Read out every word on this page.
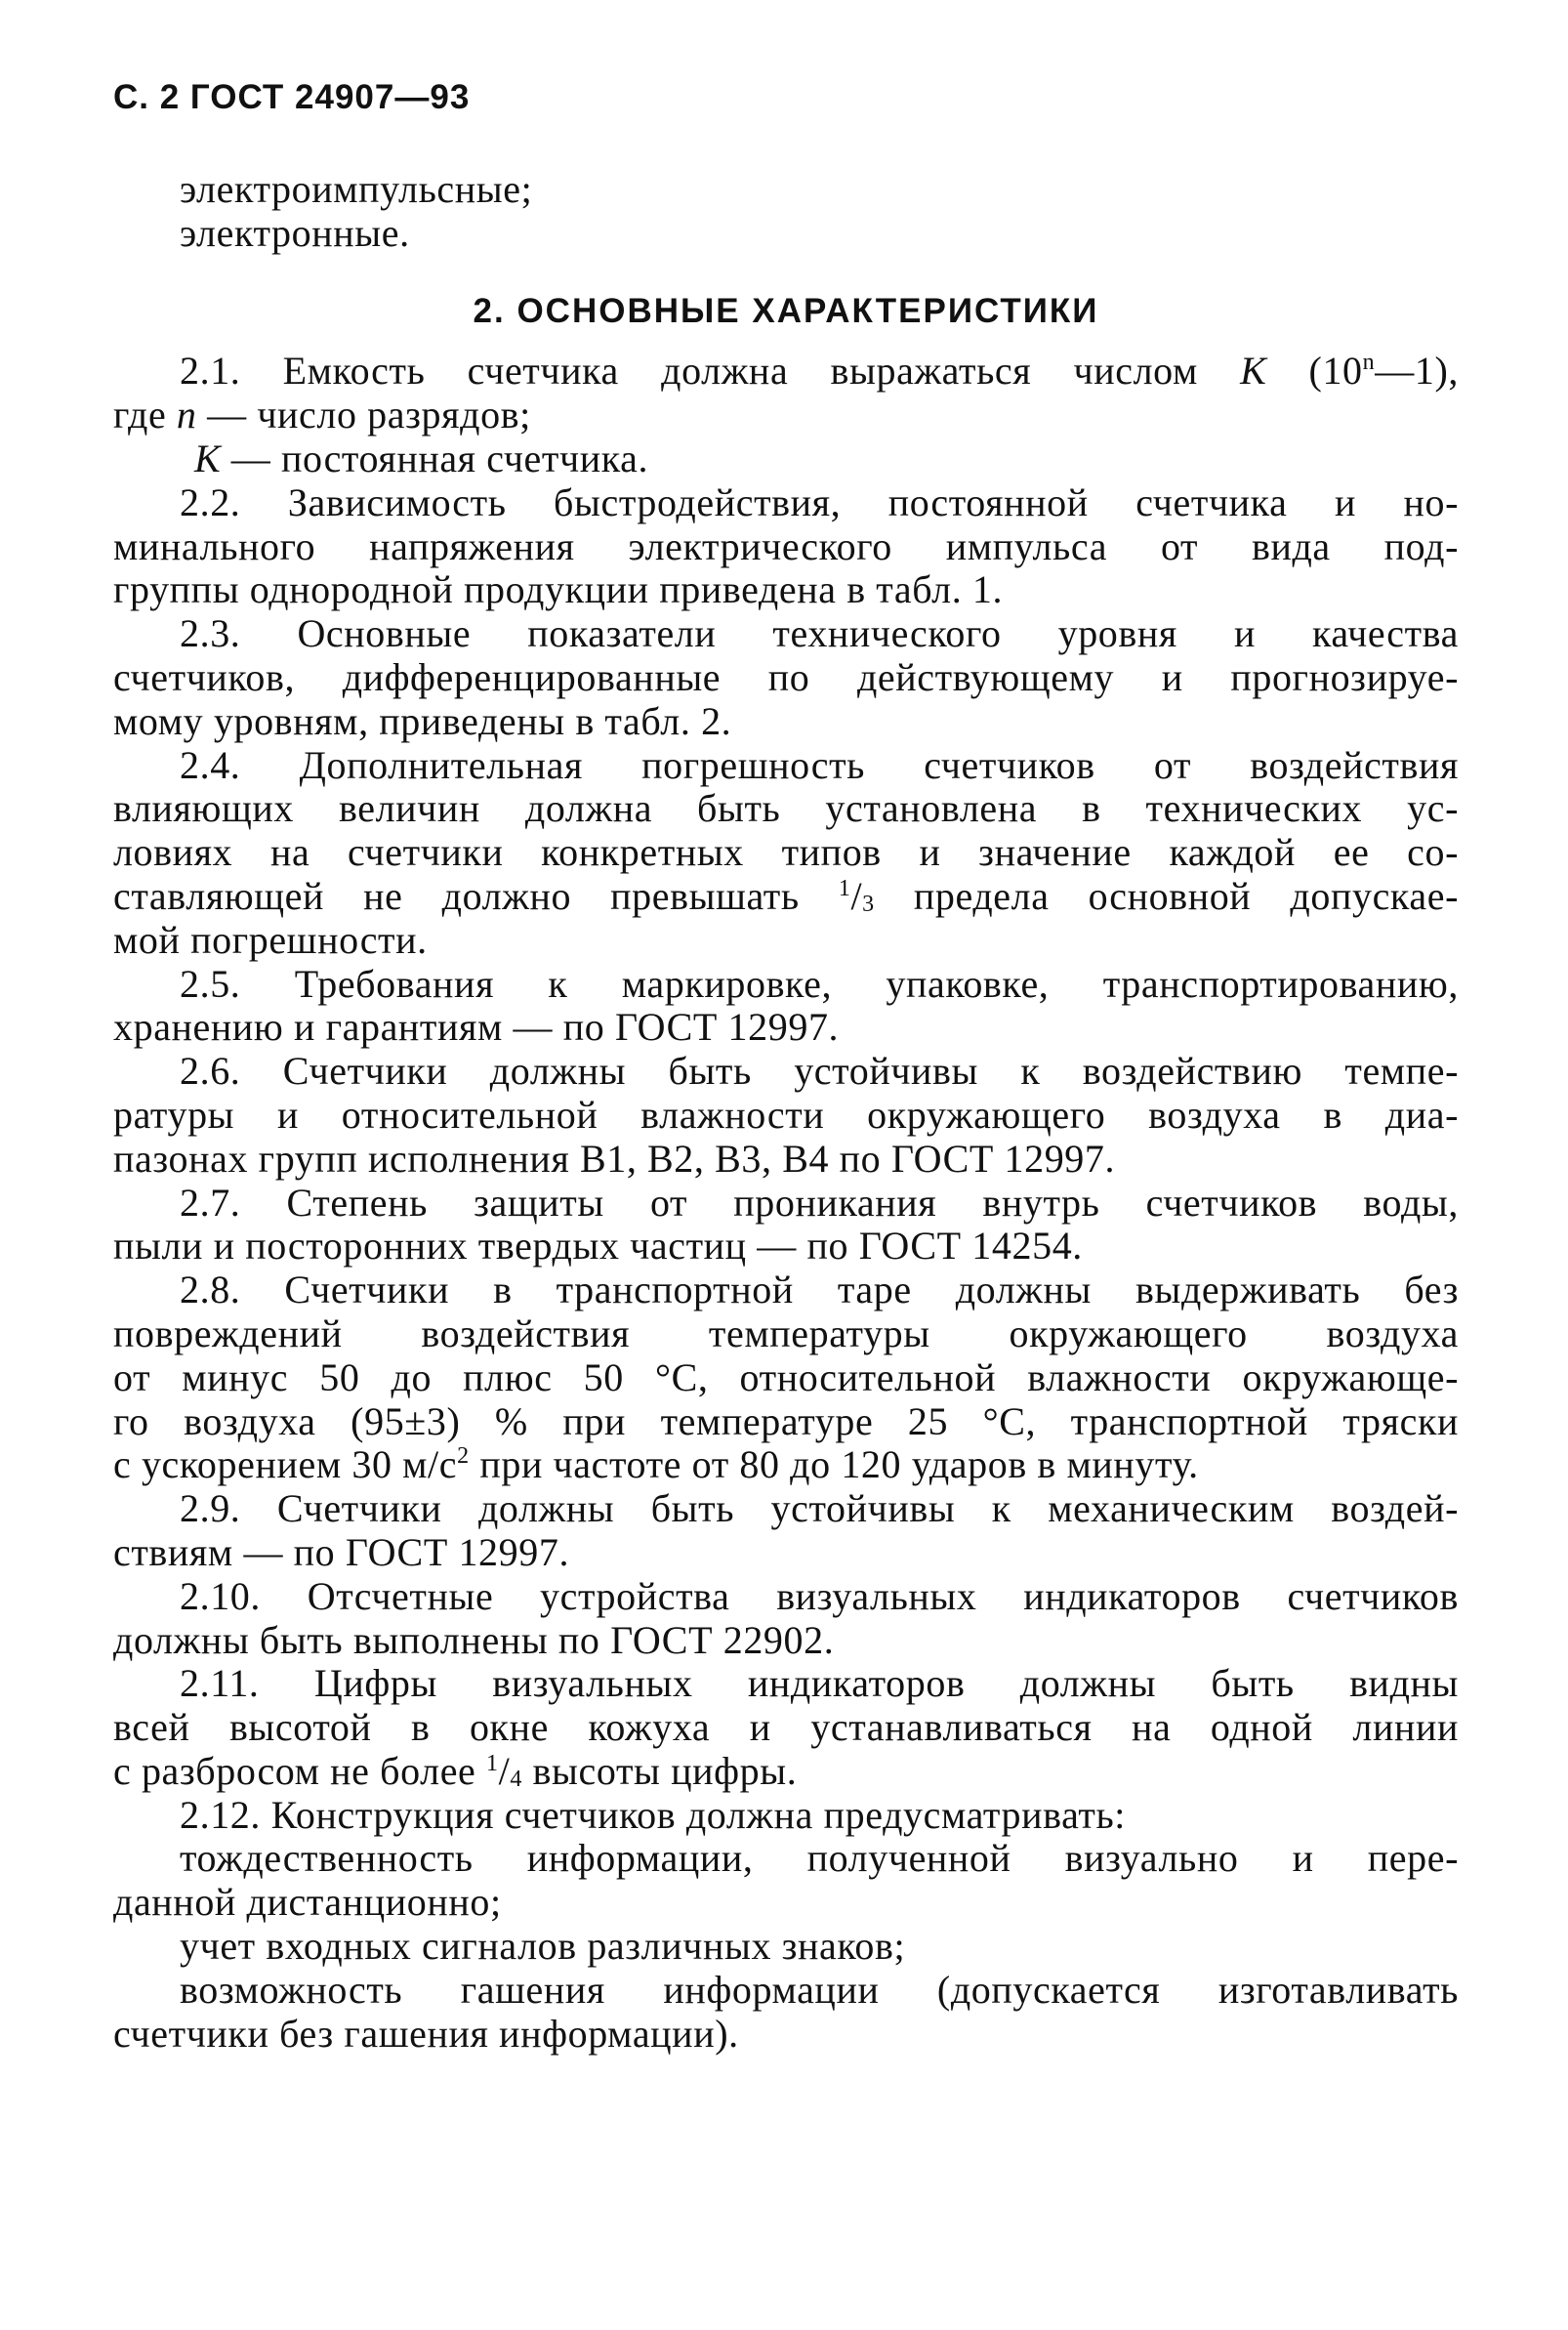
С. 2 ГОСТ 24907—93
электроимпульсные;
электронные.
2. ОСНОВНЫЕ ХАРАКТЕРИСТИКИ
2.1. Емкость счетчика должна выражаться числом К (10$^n$—1),
где n — число разрядов;
К — постоянная счетчика.
2.2. Зависимость быстродействия, постоянной счетчика и но-
минального напряжения электрического импульса от вида под-
группы однородной продукции приведена в табл. 1.
2.3. Основные показатели технического уровня и качества
счетчиков, дифференцированные по действующему и прогнозируе-
мому уровням, приведены в табл. 2.
2.4. Дополнительная погрешность счетчиков от воздействия
влияющих величин должна быть установлена в технических ус-
ловиях на счетчики конкретных типов и значение каждой ее со-
ставляющей не должно превышать $^1/_3$ предела основной допускае-
мой погрешности.
2.5. Требования к маркировке, упаковке, транспортированию,
хранению и гарантиям — по ГОСТ 12997.
2.6. Счетчики должны быть устойчивы к воздействию темпе-
ратуры и относительной влажности окружающего воздуха в диа-
пазонах групп исполнения В1, В2, В3, В4 по ГОСТ 12997.
2.7. Степень защиты от проникания внутрь счетчиков воды,
пыли и посторонних твердых частиц — по ГОСТ 14254.
2.8. Счетчики в транспортной таре должны выдерживать без
повреждений воздействия температуры окружающего воздуха
от минус 50 до плюс 50 °С, относительной влажности окружающе-
го воздуха (95±3) % при температуре 25 °С, транспортной тряски
с ускорением 30 $м/с^2$ при частоте от 80 до 120 ударов в минуту.
2.9. Счетчики должны быть устойчивы к механическим воздей-
ствиям — по ГОСТ 12997.
2.10. Отсчетные устройства визуальных индикаторов счетчиков
должны быть выполнены по ГОСТ 22902.
2.11. Цифры визуальных индикаторов должны быть видны
всей высотой в окне кожуха и устанавливаться на одной линии
с разбросом не более $^1/_4$ высоты цифры.
2.12. Конструкция счетчиков должна предусматривать:
тождественность информации, полученной визуально и пере-
данной дистанционно;
учет входных сигналов различных знаков;
возможность гашения информации (допускается изготавливать
счетчики без гашения информации).
